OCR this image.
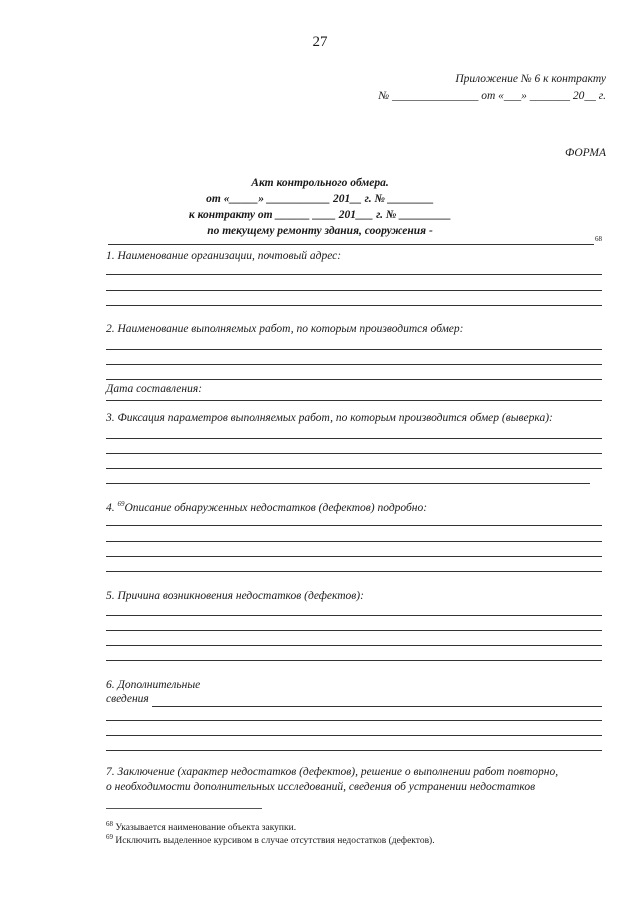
27
Приложение № 6 к контракту
№ _______________ от «___» _______ 20__ г.
ФОРМА
Акт контрольного обмера.
от «_____» ___________ 201__ г. № ________
к контракту от ______ ____ 201___ г. № _________
по текущему ремонту здания, сооружения -
68
1. Наименование организации, почтовый адрес:
2. Наименование выполняемых работ, по которым производится обмер:
Дата составления:
3. Фиксация параметров выполняемых работ, по которым производится обмер (выверка):
4. $^{69}$Описание обнаруженных недостатков (дефектов) подробно:
5. Причина возникновения недостатков (дефектов):
6. Дополнительные
сведения
7. Заключение (характер недостатков (дефектов), решение о выполнении работ повторно,
о необходимости дополнительных исследований, сведения об устранении недостатков
$^{68}$ Указывается наименование объекта закупки.
$^{69}$ Исключить выделенное курсивом в случае отсутствия недостатков (дефектов).
